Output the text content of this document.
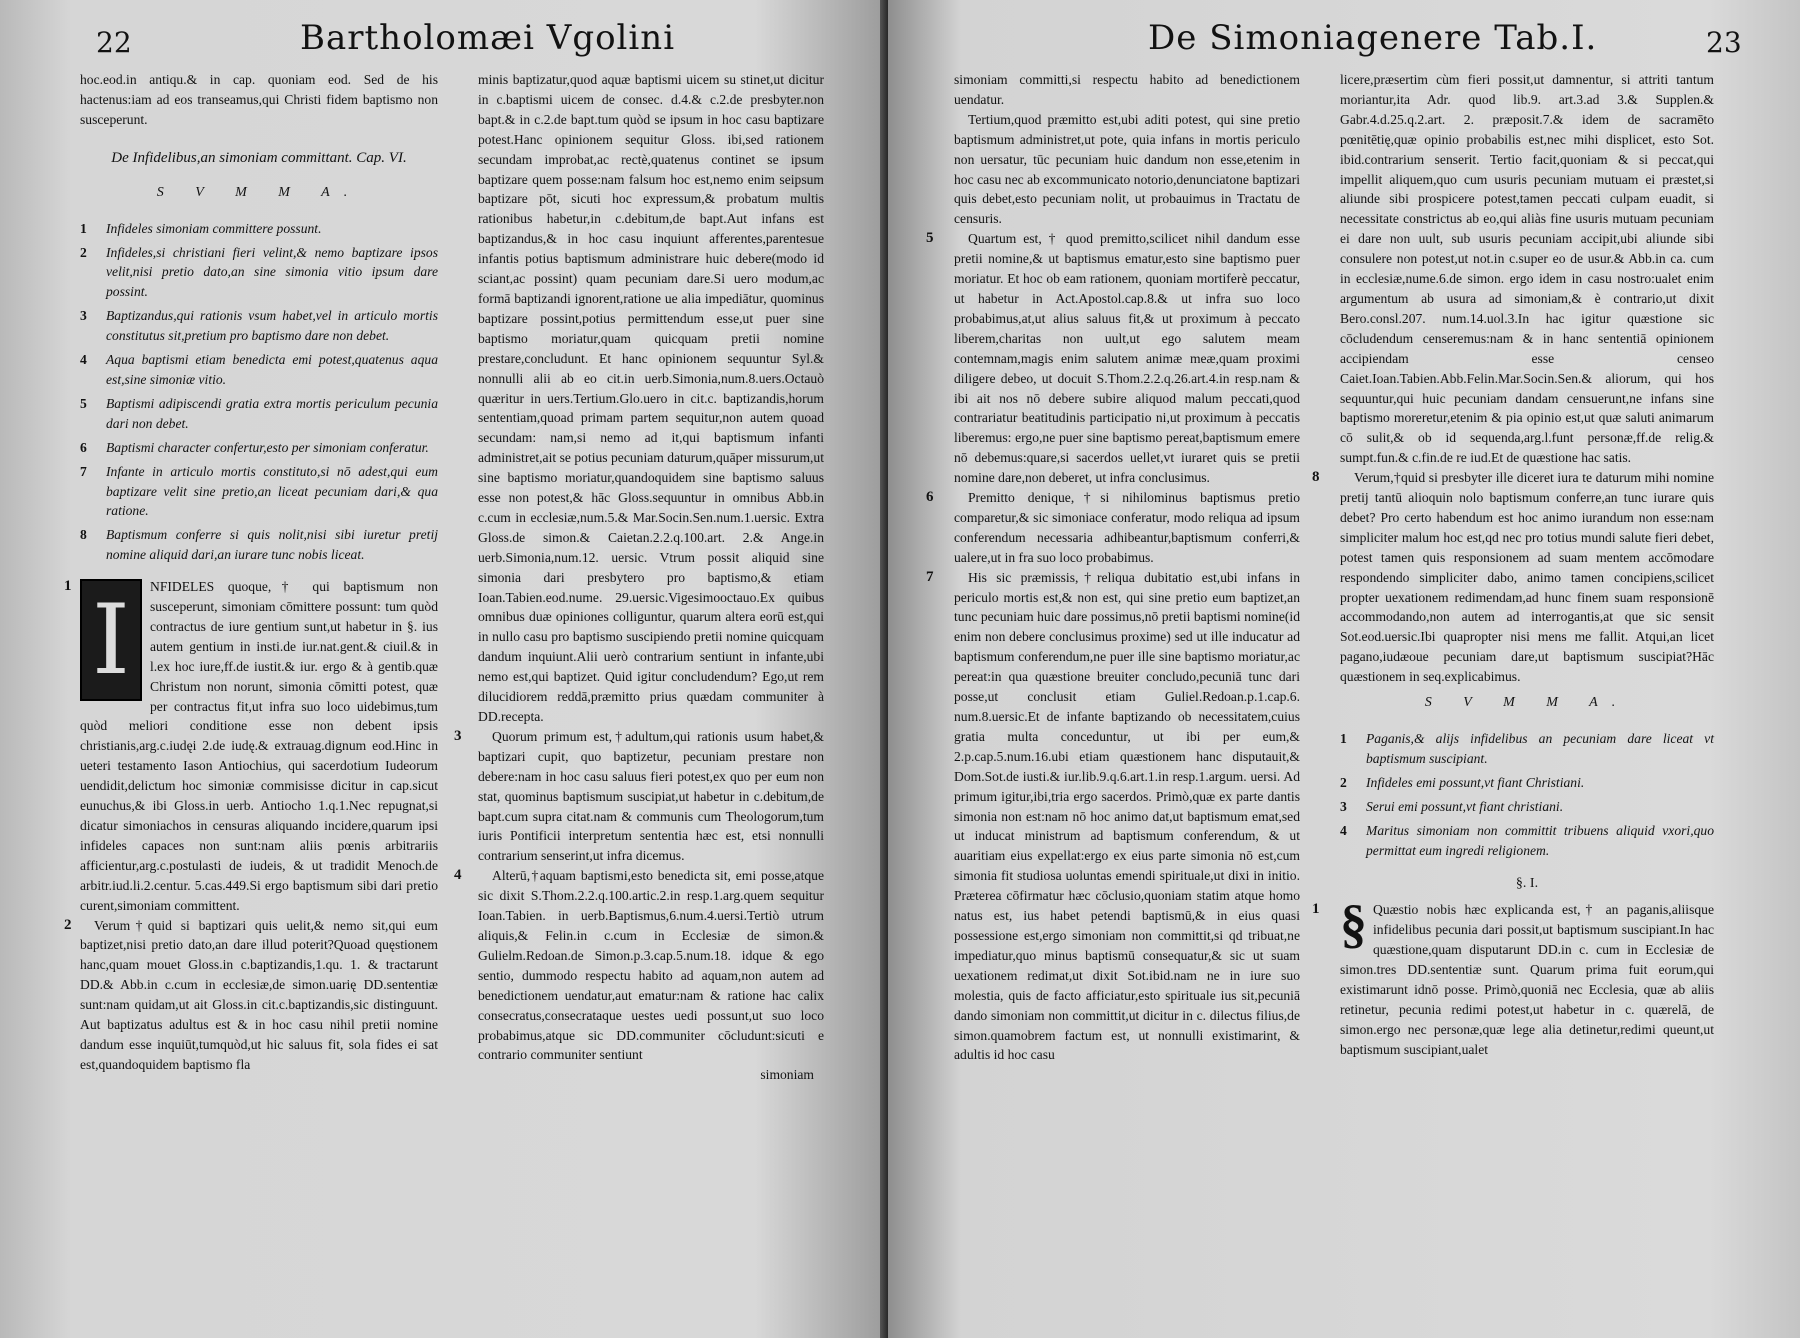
22	Bartholomæi Vgolini

hoc.eod.in antiqu.& in cap. quoniam eod. Sed de his hactenus:iam ad eos transeamus,qui Christi fidem baptismo non susceperunt.

De Infidelibus,an simoniam committant. Cap. VI.
S V M M A.
1 Infideles simoniam committere possunt.
2 Infideles,si christiani fieri velint,& nemo baptizare ipsos velit,nisi pretio dato,an sine simonia vitio ipsum dare possint.
3 Baptizandus,qui rationis vsum habet,vel in articulo mortis constitutus sit,pretium pro baptismo dare non debet.
4 Aqua baptismi etiam benedicta emi potest,quatenus aqua est,sine simoniæ vitio.
5 Baptismi adipiscendi gratia extra mortis periculum pecunia dari non debet.
6 Baptismi character confertur,esto per simoniam conferatur.
7 Infante in articulo mortis constituto,si nō adest,qui eum baptizare velit sine pretio,an liceat pecuniam dari,& qua ratione.
8 Baptismum conferre si quis nolit,nisi sibi iuretur pretij nomine aliquid dari,an iurare tunc nobis liceat.
1 I	NFIDELES quoque,† qui baptismum non susceperunt, simoniam cōmittere possunt: tum quòd contractus de iure gentium sunt,ut habetur in §. ius autem gentium in insti.de iur.nat.gent.& ciuil.& in l.ex hoc iure,ff.de iustit.& iur. ergo & à gentib.quæ Christum non norunt, simonia cōmitti potest, quæ per contractus fit,ut infra suo loco uidebimus,tum quòd meliori conditione esse non debent ipsis christianis,arg.c.iudęi 2.de iudę.& extrauag.dignum eod.Hinc in ueteri testamento Iason Antiochius, qui sacerdotium Iudeorum uendidit,delictum hoc simoniæ commisisse dicitur in cap.sicut eunuchus,& ibi Gloss.in uerb. Antiocho 1.q.1.Nec repugnat,si dicatur simoniachos in censuras aliquando incidere,quarum ipsi infideles capaces non sunt:nam aliis pœnis arbitrariis afficientur,arg.c.postulasti de iudeis, & ut tradidit Menoch.de arbitr.iud.li.2.centur. 5.cas.449.Si ergo baptismum sibi dari pretio curent,simoniam committent.

2	Verum†quid si baptizari quis uelit,& nemo sit,qui eum baptizet,nisi pretio dato,an dare illud poterit?Quoad quęstionem hanc,quam mouet Gloss.in c.baptizandis,1.qu. 1. & tractarunt DD.& Abb.in c.cum in ecclesiæ,de simon.uarię DD.sententiæ sunt:nam quidam,ut ait Gloss.in cit.c.baptizandis,sic distinguunt. Aut baptizatus adultus est & in hoc casu nihil pretii nomine dandum esse inquiūt,tumquòd,ut hic saluus fit, sola fides ei sat est,quandoquidem baptismo fla

minis baptizatur,quod aquæ baptismi uicem su stinet,ut dicitur in c.baptismi uicem de consec. d.4.& c.2.de presbyter.non bapt.& in c.2.de bapt.tum quòd se ipsum in hoc casu baptizare potest.Hanc opinionem sequitur Gloss. ibi,sed rationem secundam improbat,ac rectè,quatenus continet se ipsum baptizare quem posse:nam falsum hoc est,nemo enim seipsum baptizare pōt, sicuti hoc expressum,& probatum multis rationibus habetur,in c.debitum,de bapt.Aut infans est baptizandus,& in hoc casu inquiunt afferentes,parentesue infantis potius baptismum administrare huic debere(modo id sciant,ac possint) quam pecuniam dare.Si uero modum,ac formā baptizandi ignorent,ratione ue alia impediātur, quominus baptizare possint,potius permittendum esse,ut puer sine baptismo moriatur,quam quicquam pretii nomine prestare,concludunt. Et hanc opinionem sequuntur Syl.& nonnulli alii ab eo cit.in uerb.Simonia,num.8.uers.Octauò quæritur in uers.Tertium.Glo.uero in cit.c. baptizandis,horum sententiam,quoad primam partem sequitur,non autem quoad secundam: nam,si nemo ad it,qui baptismum infanti administret,ait se potius pecuniam daturum,quāper missurum,ut sine baptismo moriatur,quandoquidem sine baptismo saluus esse non potest,& hāc Gloss.sequuntur in omnibus Abb.in c.cum in ecclesiæ,num.5.& Mar.Socin.Sen.num.1.uersic. Extra Gloss.de simon.& Caietan.2.2.q.100.art. 2.& Ange.in uerb.Simonia,num.12. uersic. Vtrum possit aliquid sine simonia dari presbytero pro baptismo,& etiam Ioan.Tabien.eod.nume. 29.uersic.Vigesimooctauo.Ex quibus omnibus duæ opiniones colliguntur, quarum altera eorū est,qui in nullo casu pro baptismo suscipiendo pretii nomine quicquam dandum inquiunt.Alii uerò contrarium sentiunt in infante,ubi nemo est,qui baptizet. Quid igitur concludendum? Ego,ut rem dilucidiorem reddā,præmitto prius quædam communiter à DD.recepta.

3	Quorum primum est,†adultum,qui rationis usum habet,& baptizari cupit, quo baptizetur, pecuniam prestare non debere:nam in hoc casu saluus fieri potest,ex quo per eum non stat, quominus baptismum suscipiat,ut habetur in c.debitum,de bapt.cum supra citat.nam & communis cum Theologorum,tum iuris Pontificii interpretum sententia hæc est, etsi nonnulli contrarium senserint,ut infra dicemus.

4	Alterū,†aquam baptismi,esto benedicta sit, emi posse,atque sic dixit S.Thom.2.2.q.100.artic.2.in resp.1.arg.quem sequitur Ioan.Tabien. in uerb.Baptismus,6.num.4.uersi.Tertiò utrum aliquis,& Felin.in c.cum in Ecclesiæ de simon.& Gulielm.Redoan.de Simon.p.3.cap.5.num.18. idque & ego sentio, dummodo respectu habito ad aquam,non autem ad benedictionem uendatur,aut ematur:nam & ratione hac calix consecratus,consecrataque uestes uedi possunt,ut suo loco probabimus,atque sic DD.communiter cōcludunt:sicuti e contrario communiter sentiunt

simoniam

De Simoniagenere Tab.I.	23

simoniam committi,si respectu habito ad benedictionem uendatur.

Tertium,quod præmitto est,ubi aditi potest, qui sine pretio baptismum administret,ut pote, quia infans in mortis periculo non uersatur, tūc pecuniam huic dandum non esse,etenim in hoc casu nec ab excommunicato notorio,denunciatone baptizari quis debet,esto pecuniam nolit, ut probauimus in Tractatu de censuris.

5	Quartum est, † quod premitto,scilicet nihil dandum esse pretii nomine,& ut baptismus ematur,esto sine baptismo puer moriatur. Et hoc ob eam rationem, quoniam mortiferè peccatur, ut habetur in Act.Apostol.cap.8.& ut infra suo loco probabimus,at,ut alius saluus fit,& ut proximum à peccato liberem,charitas non uult,ut ego salutem meam contemnam,magis enim salutem animæ meæ,quam proximi diligere debeo, ut docuit S.Thom.2.2.q.26.art.4.in resp.nam & ibi ait nos nō debere subire aliquod malum peccati,quod contrariatur beatitudinis participatio ni,ut proximum à peccatis liberemus: ergo,ne puer sine baptismo pereat,baptismum emere nō debemus:quare,si sacerdos uellet,vt iuraret quis se pretii nomine dare,non deberet, ut infra conclusimus.

6	Premitto denique,†si nihilominus baptismus pretio comparetur,& sic simoniace conferatur, modo reliqua ad ipsum conferendum necessaria adhibeantur,baptismum conferri,& ualere,ut in fra suo loco probabimus.

7	His sic præmissis,†reliqua dubitatio est,ubi infans in periculo mortis est,& non est, qui sine pretio eum baptizet,an tunc pecuniam huic dare possimus,nō pretii baptismi nomine(id enim non debere conclusimus proxime) sed ut ille inducatur ad baptismum conferendum,ne puer ille sine baptismo moriatur,ac pereat:in qua quæstione breuiter concludo,pecuniā tunc dari posse,ut conclusit etiam Guliel.Redoan.p.1.cap.6. num.8.uersic.Et de infante baptizando ob necessitatem,cuius gratia multa conceduntur, ut ibi per eum,& 2.p.cap.5.num.16.ubi etiam quæstionem hanc disputauit,& Dom.Sot.de iusti.& iur.lib.9.q.6.art.1.in resp.1.argum. uersi. Ad primum igitur,ibi,tria ergo sacerdos. Primò,quæ ex parte dantis simonia non est:nam nō hoc animo dat,ut baptismum emat,sed ut inducat ministrum ad baptismum conferendum, & ut auaritiam eius expellat:ergo ex eius parte simonia nō est,cum simonia fit studiosa uoluntas emendi spirituale,ut dixi in initio. Præterea cōfirmatur hæc cōclusio,quoniam statim atque homo natus est, ius habet petendi baptismū,& in eius quasi possessione est,ergo simoniam non committit,si qd tribuat,ne impediatur,quo minus baptismū consequatur,& sic ut suam uexationem redimat,ut dixit Sot.ibid.nam ne in iure suo molestia, quis de facto afficiatur,esto spirituale ius sit,pecuniā dando simoniam non committit,ut dicitur in c. dilectus filius,de simon.quamobrem factum est, ut nonnulli existimarint, & adultis id hoc casu

licere,præsertim cùm fieri possit,ut damnentur, si attriti tantum moriantur,ita Adr. quod lib.9. art.3.ad 3.& Supplen.& Gabr.4.d.25.q.2.art. 2. præposit.7.& idem de sacramēto pœnitētię,quæ opinio probabilis est,nec mihi displicet, esto Sot. ibid.contrarium senserit. Tertio facit,quoniam & si peccat,qui impellit aliquem,quo cum usuris pecuniam mutuam ei præstet,si aliunde sibi prospicere potest,tamen peccati culpam euadit, si necessitate constrictus ab eo,qui aliàs fine usuris mutuam pecuniam ei dare non uult, sub usuris pecuniam accipit,ubi aliunde sibi consulere non potest,ut not.in c.super eo de usur.& Abb.in ca. cum in ecclesiæ,nume.6.de simon. ergo idem in casu nostro:ualet enim argumentum ab usura ad simoniam,& è contrario,ut dixit Bero.consl.207. num.14.uol.3.In hac igitur quæstione sic cōcludendum censeremus:nam & in hanc sententiā opinionem accipiendam esse censeo Caiet.Ioan.Tabien.Abb.Felin.Mar.Socin.Sen.& aliorum, qui hos sequuntur,qui huic pecuniam dandam censuerunt,ne infans sine baptismo moreretur,etenim & pia opinio est,ut quæ saluti animarum cō sulit,& ob id sequenda,arg.l.funt personæ,ff.de relig.& sumpt.fun.& c.fin.de re iud.Et de quæstione hac satis.

8	Verum,†quid si presbyter ille diceret iura te daturum mihi nomine pretij tantū alioquin nolo baptismum conferre,an tunc iurare quis debet? Pro certo habendum est hoc animo iurandum non esse:nam simpliciter malum hoc est,qd nec pro totius mundi salute fieri debet, potest tamen quis responsionem ad suam mentem accōmodare respondendo simpliciter dabo, animo tamen concipiens,scilicet propter uexationem redimendam,ad hunc finem suam responsionē accommodando,non autem ad interrogantis,at que sic sensit Sot.eod.uersic.Ibi quapropter nisi mens me fallit. Atqui,an licet pagano,iudæoue pecuniam dare,ut baptismum suscipiat?Hāc quæstionem in seq.explicabimus.

S V M M A.
1 Paganis,& alijs infidelibus an pecuniam dare liceat vt baptismum suscipiant.
2 Infideles emi possunt,vt fiant Christiani.
3 Serui emi possunt,vt fiant christiani.
4 Maritus simoniam non committit tribuens aliquid vxori,quo permittat eum ingredi religionem.
§. I.
1 § Quæstio nobis hæc explicanda est,† an paganis,aliisque infidelibus pecunia dari possit,ut baptismum suscipiant.In hac quæstione,quam disputarunt DD.in c. cum in Ecclesiæ de simon.tres DD.sententiæ sunt. Quarum prima fuit eorum,qui existimarunt idnō posse. Primò,quoniā nec Ecclesia, quæ ab aliis retinetur, pecunia redimi potest,ut habetur in c. quærelā, de simon.ergo nec personæ,quæ lege alia detinetur,redimi queunt,ut baptismum suscipiant,ualet
